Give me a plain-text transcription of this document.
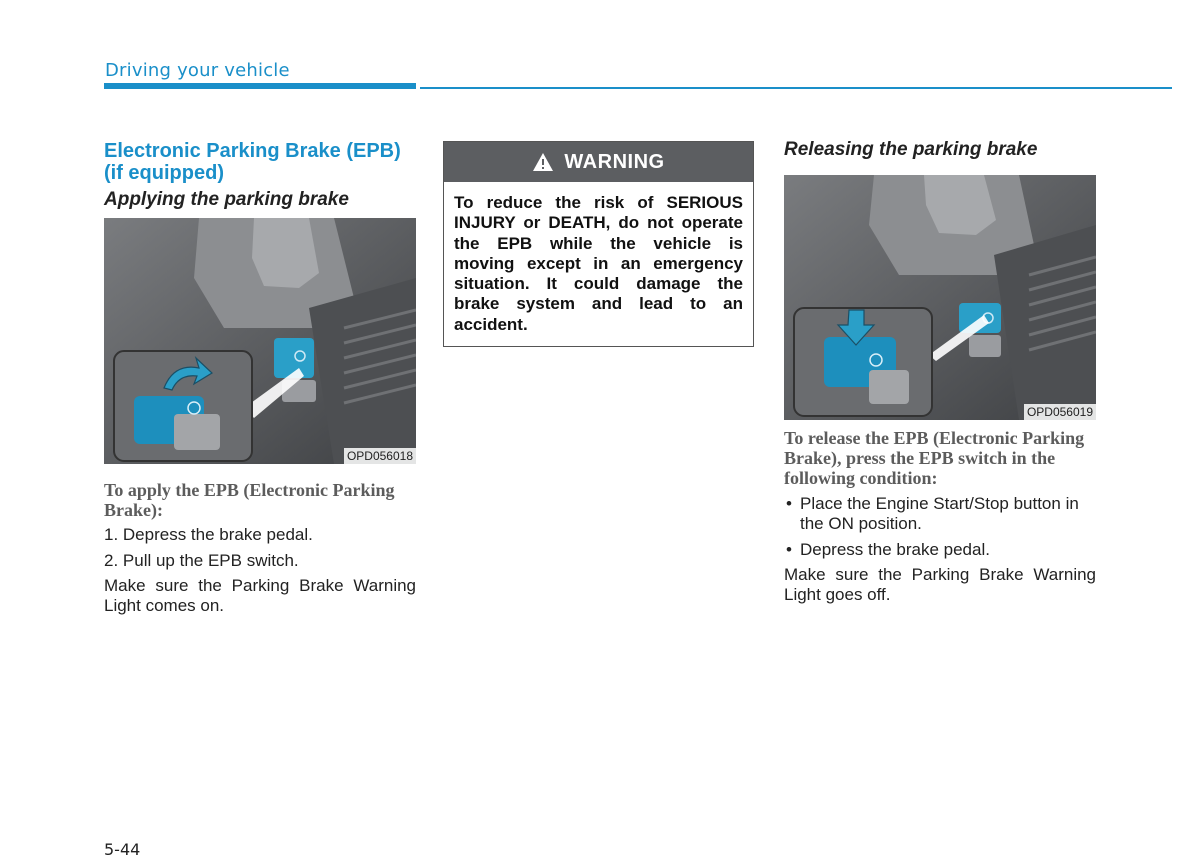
Driving your vehicle
Electronic Parking Brake (EPB) (if equipped)
Applying the parking brake
OPD056018
To apply the EPB (Electronic Parking Brake):
1. Depress the brake pedal.
2. Pull up the EPB switch.
Make sure the Parking Brake Warning Light comes on.
WARNING
To reduce the risk of SERIOUS INJURY or DEATH, do not operate the EPB while the vehicle is moving except in an emergency situation. It could damage the brake system and lead to an accident.
Releasing the parking brake
OPD056019
To release the EPB (Electronic Parking Brake), press the EPB switch in the following condition:
• Place the Engine Start/Stop button in the ON position.
• Depress the brake pedal.
Make sure the Parking Brake Warning Light goes off.
5-44
